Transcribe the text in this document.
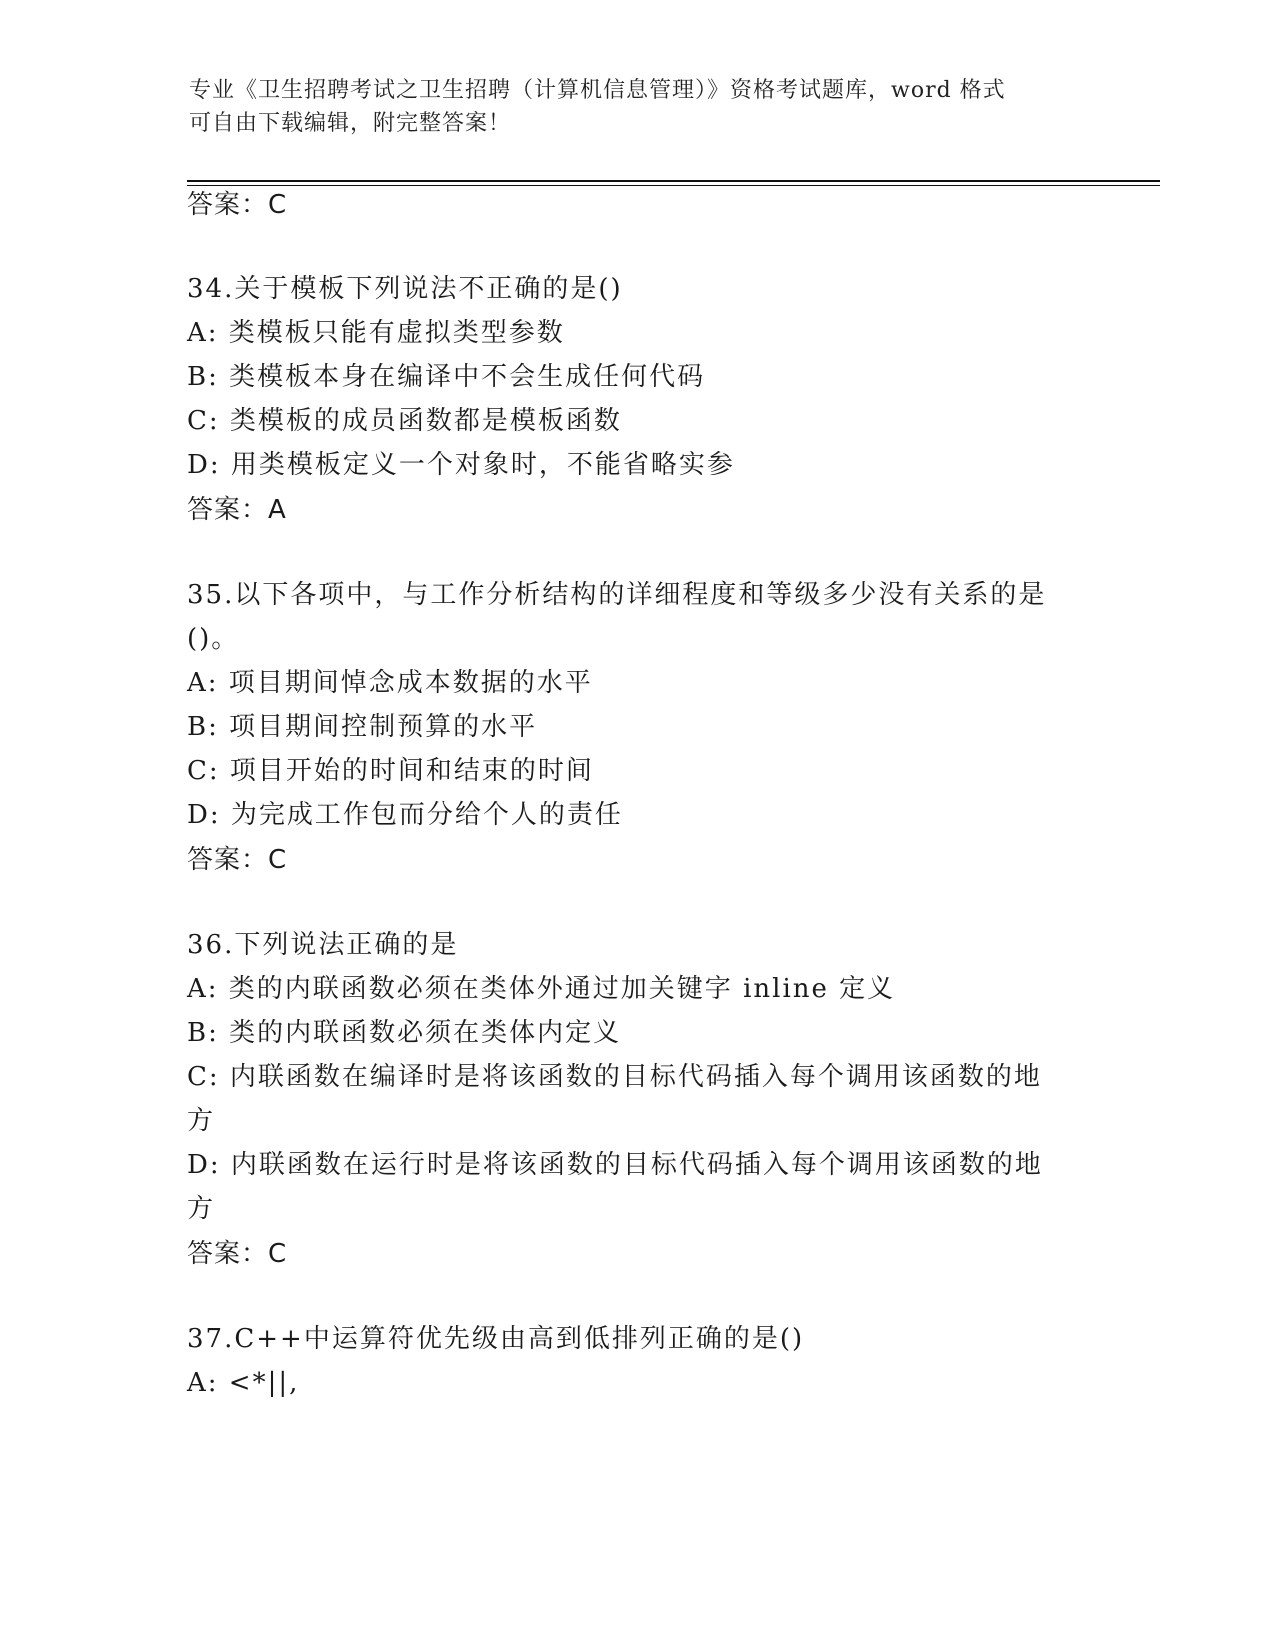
专业《卫生招聘考试之卫生招聘（计算机信息管理）》资格考试题库，word 格式
可自由下载编辑，附完整答案！
答案：C
34.关于模板下列说法不正确的是()
A: 类模板只能有虚拟类型参数
B: 类模板本身在编译中不会生成任何代码
C: 类模板的成员函数都是模板函数
D: 用类模板定义一个对象时，不能省略实参
答案：A
35.以下各项中，与工作分析结构的详细程度和等级多少没有关系的是
()。
A: 项目期间悼念成本数据的水平
B: 项目期间控制预算的水平
C: 项目开始的时间和结束的时间
D: 为完成工作包而分给个人的责任
答案：C
36.下列说法正确的是
A: 类的内联函数必须在类体外通过加关键字 inline 定义
B: 类的内联函数必须在类体内定义
C: 内联函数在编译时是将该函数的目标代码插入每个调用该函数的地
方
D: 内联函数在运行时是将该函数的目标代码插入每个调用该函数的地
方
答案：C
37.C++中运算符优先级由高到低排列正确的是()
A: <*||,
